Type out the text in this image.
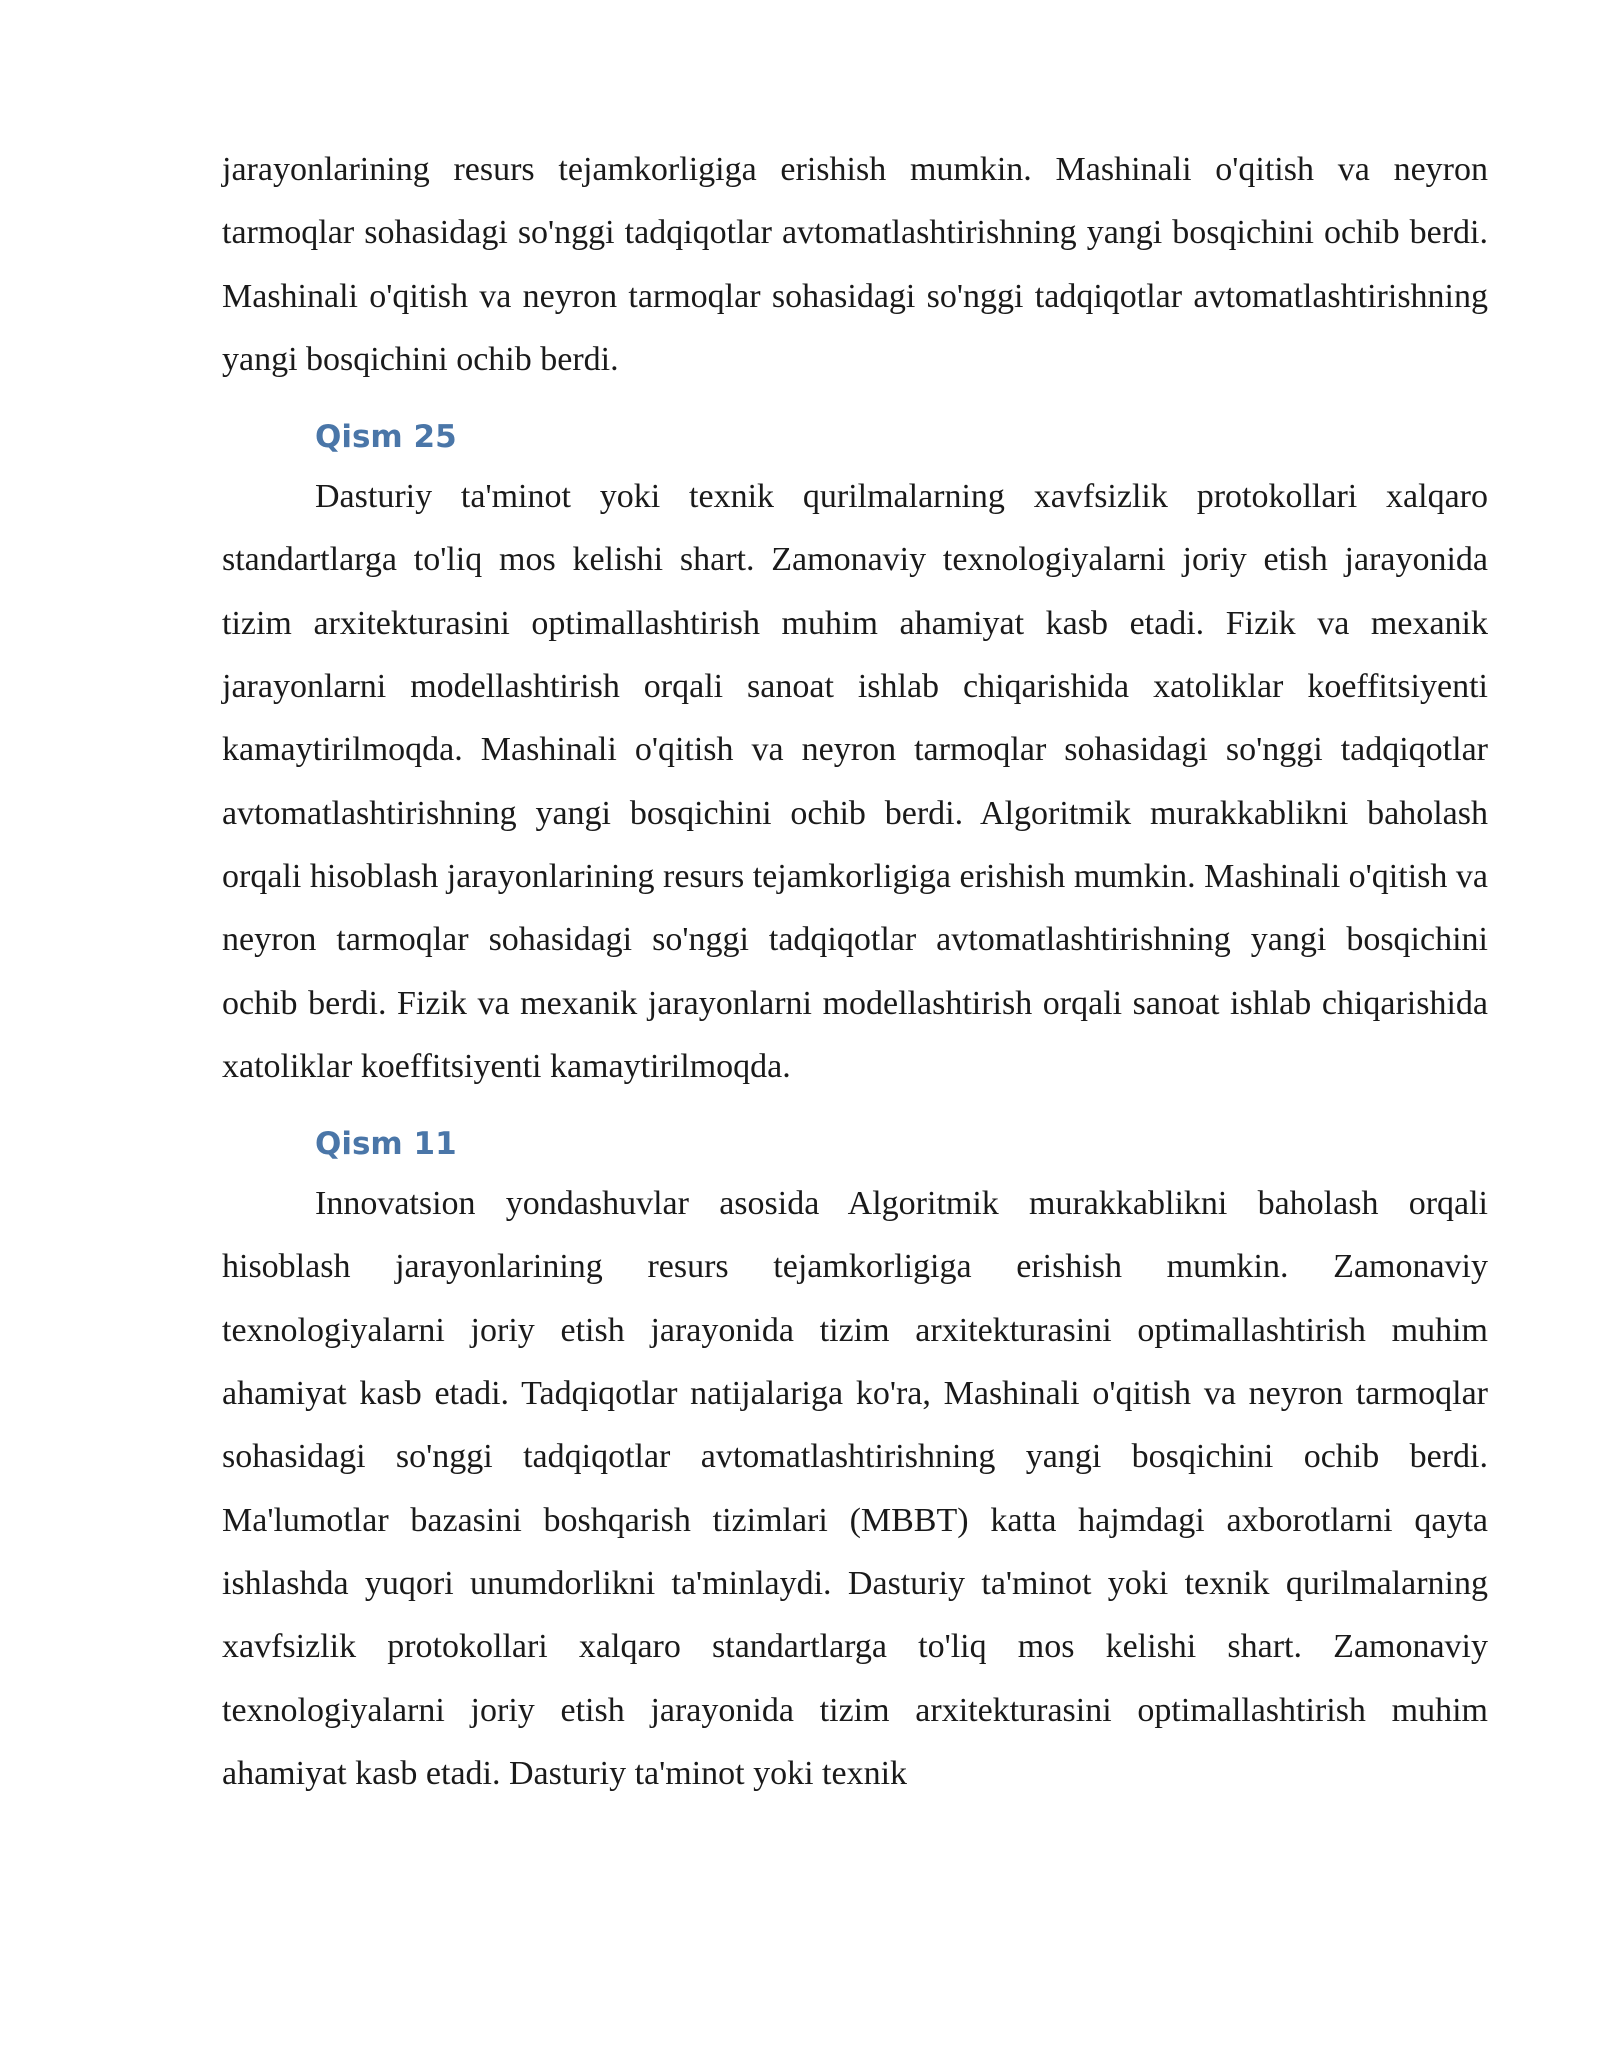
jarayonlarining resurs tejamkorligiga erishish mumkin. Mashinali o'qitish va neyron tarmoqlar sohasidagi so'nggi tadqiqotlar avtomatlashtirishning yangi bosqichini ochib berdi. Mashinali o'qitish va neyron tarmoqlar sohasidagi so'nggi tadqiqotlar avtomatlashtirishning yangi bosqichini ochib berdi.

Qism 25

Dasturiy ta'minot yoki texnik qurilmalarning xavfsizlik protokollari xalqaro standartlarga to'liq mos kelishi shart. Zamonaviy texnologiyalarni joriy etish jarayonida tizim arxitekturasini optimallashtirish muhim ahamiyat kasb etadi. Fizik va mexanik jarayonlarni modellashtirish orqali sanoat ishlab chiqarishida xatoliklar koeffitsiyenti kamaytirilmoqda. Mashinali o'qitish va neyron tarmoqlar sohasidagi so'nggi tadqiqotlar avtomatlashtirishning yangi bosqichini ochib berdi. Algoritmik murakkablikni baholash orqali hisoblash jarayonlarining resurs tejamkorligiga erishish mumkin. Mashinali o'qitish va neyron tarmoqlar sohasidagi so'nggi tadqiqotlar avtomatlashtirishning yangi bosqichini ochib berdi. Fizik va mexanik jarayonlarni modellashtirish orqali sanoat ishlab chiqarishida xatoliklar koeffitsiyenti kamaytirilmoqda.

Qism 11

Innovatsion yondashuvlar asosida Algoritmik murakkablikni baholash orqali hisoblash jarayonlarining resurs tejamkorligiga erishish mumkin. Zamonaviy texnologiyalarni joriy etish jarayonida tizim arxitekturasini optimallashtirish muhim ahamiyat kasb etadi. Tadqiqotlar natijalariga ko'ra, Mashinali o'qitish va neyron tarmoqlar sohasidagi so'nggi tadqiqotlar avtomatlashtirishning yangi bosqichini ochib berdi. Ma'lumotlar bazasini boshqarish tizimlari (MBBT) katta hajmdagi axborotlarni qayta ishlashda yuqori unumdorlikni ta'minlaydi. Dasturiy ta'minot yoki texnik qurilmalarning xavfsizlik protokollari xalqaro standartlarga to'liq mos kelishi shart. Zamonaviy texnologiyalarni joriy etish jarayonida tizim arxitekturasini optimallashtirish muhim ahamiyat kasb etadi. Dasturiy ta'minot yoki texnik
